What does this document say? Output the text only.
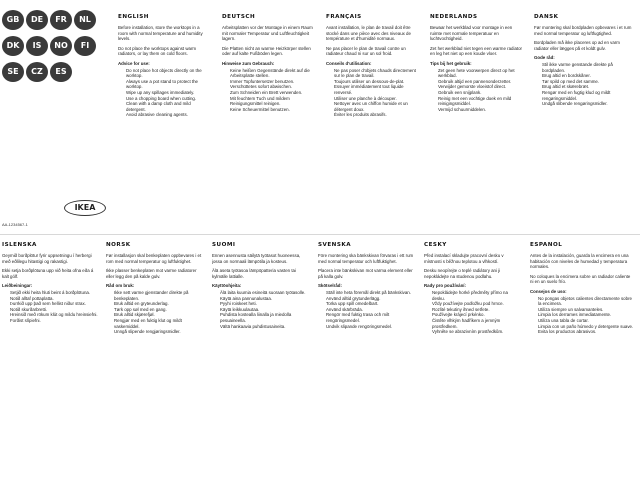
GB DE FR NL DK IS NO FI SE CZ ES
IKEA
AA-1234567-1
ENGLISH

Before installation, store the worktops in a room with normal temperature and humidity levels.

Do not place the worktops against warm radiators, or lay them on cold floors.

Advice for use:
• Do not place hot objects directly on the worktop.
• Always use a pot stand to protect the worktop.
• Wipe up any spillages immediately.
• Use a chopping board when cutting.
• Clean with a damp cloth and mild detergent.
• Avoid abrasive cleaning agents.
DEUTSCH

Arbeitsplatten vor der Montage in einem Raum mit normaler Temperatur und Luftfeuchtigkeit lagern.

Die Platten nicht an warme Heizkörper stellen oder auf kalte Fußböden legen.

Hinweise zum Gebrauch:
• Keine heißen Gegenstände direkt auf die Arbeitsplatte stellen.
• Immer Topfuntersetzer benutzen.
• Verschüttetes sofort abwischen.
• Zum Schneiden ein Brett verwenden.
• Mit feuchtem Tuch und mildem Reinigungsmittel reinigen.
• Keine Scheuermittel benutzen.
FRANÇAIS

Avant installation, le plan de travail doit être stocké dans une pièce avec des niveaux de température et d'humidité normaux.

Ne pas placer le plan de travail contre un radiateur chaud ni sur un sol froid.

Conseils d'utilisation:
• Ne pas poser d'objets chauds directement sur le plan de travail.
• Toujours utiliser un dessous-de-plat.
• Essuyer immédiatement tout liquide renversé.
• Utiliser une planche à découper.
• Nettoyer avec un chiffon humide et un détergent doux.
• Éviter les produits abrasifs.
NEDERLANDS

Bewaar het werkblad voor montage in een ruimte met normale temperatuur en luchtvochtigheid.

Zet het werkblad niet tegen een warme radiator en leg het niet op een koude vloer.

Tips bij het gebruik:
• Zet geen hete voorwerpen direct op het werkblad.
• Gebruik altijd een pannenonderzetter.
• Verwijder gemorste vloeistof direct.
• Gebruik een snijplank.
• Reinig met een vochtige doek en mild reinigingsmiddel.
• Vermijd schuurmiddelen.
DANSK

Før montering skal bordpladen opbevares i et rum med normal temperatur og luftfugtighed.

Bordpladen må ikke placeres op ad en varm radiator eller lægges på et koldt gulv.

Gode råd:
• Stil ikke varme genstande direkte på bordpladen.
• Brug altid en bordskåner.
• Tør spild op med det samme.
• Brug altid et skærebræt.
• Rengør med en fugtig klud og mildt rengøringsmiddel.
• Undgå slibende rengøringsmidler.
ÍSLENSKA

Geymið borðplötur fyrir uppsetningu í herbergi með eðlilegu hitastigi og rakastigi.

Ekki setja borðplötuna upp við heita ofna eða á kalt gólf.

Leiðbeiningar:
• Setjið ekki heita hluti beint á borðplötuna.
• Notið alltaf pottaplatta.
• Þurrkið upp það sem hellist niður strax.
• Notið skurðarbretti.
• Hreinsið með rökum klút og mildu hreinsiefni.
• Forðist slípiefni.
NORSK

Før installasjon skal benkeplaten oppbevares i et rom med normal temperatur og luftfuktighet.

Ikke plasser benkeplaten mot varme radiatorer eller legg den på kalde gulv.

Råd om bruk:
• Ikke sett varme gjenstander direkte på benkeplaten.
• Bruk alltid en gryteunderlag.
• Tørk opp søl med en gang.
• Bruk alltid skjærefjøl.
• Rengjør med en fuktig klut og mildt vaskemiddel.
• Unngå slipende rengjøringsmidler.
SUOMI

Ennen asennusta säilytä työtasot huoneessa, jossa on normaali lämpötila ja kosteus.

Älä aseta työtasoa lämpöpatteria vasten tai kylmälle lattialle.

Käyttöohjeita:
• Älä laita kuumia esineitä suoraan työtasolle.
• Käytä aina pannunalustaa.
• Pyyhi roiskeet heti.
• Käytä leikkuulautaa.
• Puhdista kostealla liinalla ja miedolla pesuaineella.
• Vältä hankaavia puhdistusaineita.
SVENSKA

Före montering ska bänkskivan förvaras i ett rum med normal temperatur och luftfuktighet.

Placera inte bänkskivan mot varma element eller på kalla golv.

Skötselråd:
• Ställ inte heta föremål direkt på bänkskivan.
• Använd alltid grytunderlägg.
• Torka upp spill omedelbart.
• Använd skärbräda.
• Rengör med fuktig trasa och milt rengöringsmedel.
• Undvik slipande rengöringsmedel.
ČESKY

Před instalací skladujte pracovní desku v místnosti s běžnou teplotou a vlhkostí.

Desku neopírejte o teplé radiátory ani ji nepokládejte na studenou podlahu.

Rady pro používání:
• Nepokládejte horké předměty přímo na desku.
• Vždy používejte podložku pod hrnce.
• Rozlité tekutiny ihned setřete.
• Používejte krájecí prkénko.
• Čistěte vlhkým hadříkem a jemným prostředkem.
• Vyhněte se abrazivním prostředkům.
ESPAÑOL

Antes de la instalación, guarda la encimera en una habitación con niveles de humedad y temperatura normales.

No coloques la encimera sobre un radiador caliente ni en un suelo frío.

Consejos de uso:
• No pongas objetos calientes directamente sobre la encimera.
• Utiliza siempre un salvamanteles.
• Limpia los derrames inmediatamente.
• Utiliza una tabla de cortar.
• Limpia con un paño húmedo y detergente suave.
• Evita los productos abrasivos.
